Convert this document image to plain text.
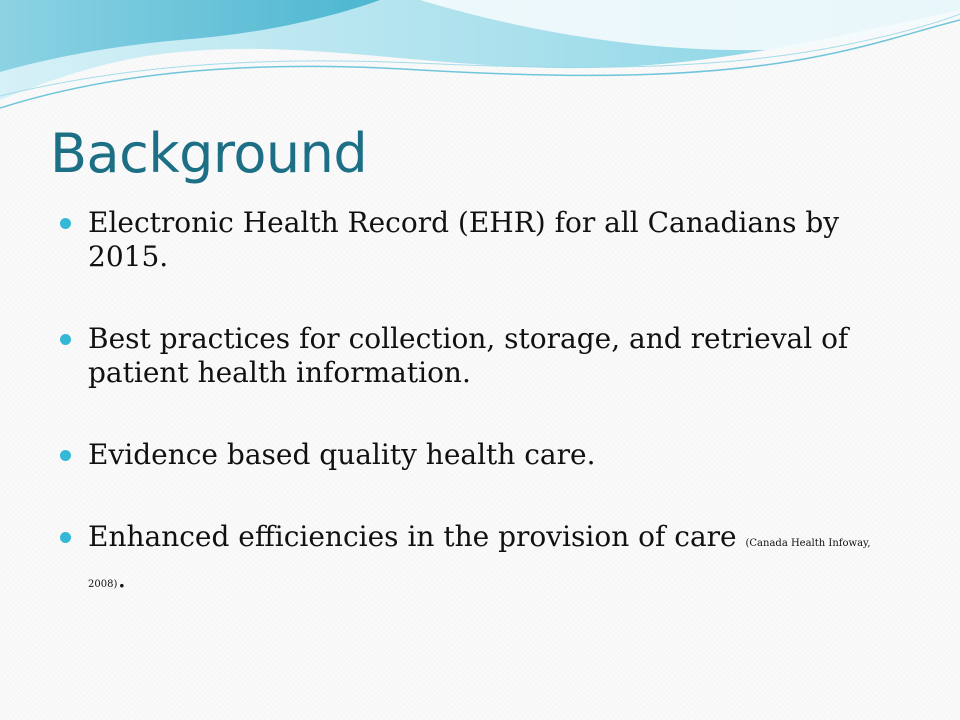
Background
Electronic Health Record (EHR) for all Canadians by 2015.
Best practices for collection, storage, and retrieval of patient health information.
Evidence based quality health care.
Enhanced efficiencies in the provision of care (Canada Health Infoway, 2008).
